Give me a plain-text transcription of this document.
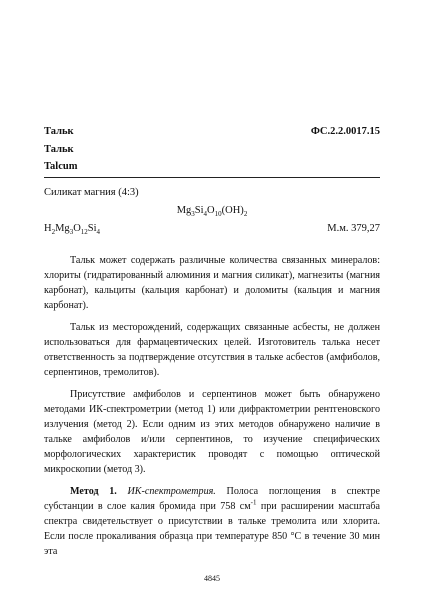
Тальк	ФС.2.2.0017.15
Тальк
Talcum
Силикат магния (4:3)
$Mg_3Si_4O_{10}(OH)_2$
$H_2Mg_3O_{12}Si_4$	М.м. 379,27

Тальк может содержать различные количества связанных минералов: хлориты (гидратированный алюминия и магния силикат), магнезиты (магния карбонат), кальциты (кальция карбонат) и доломиты (кальция и магния карбонат).

Тальк из месторождений, содержащих связанные асбесты, не должен использоваться для фармацевтических целей. Изготовитель талька несет ответственность за подтверждение отсутствия в тальке асбестов (амфиболов, серпентинов, тремолитов).

Присутствие амфиболов и серпентинов может быть обнаружено методами ИК-спектрометрии (метод 1) или дифрактометрии рентгеновского излучения (метод 2). Если одним из этих методов обнаружено наличие в тальке амфиболов и/или серпентинов, то изучение специфических морфологических характеристик проводят с помощью оптической микроскопии (метод 3).

Метод 1. ИК-спектрометрия. Полоса поглощения в спектре субстанции в слое калия бромида при 758 $см^{-1}$ при расширении масштаба спектра свидетельствует о присутствии в тальке тремолита или хлорита. Если после прокаливания образца при температуре 850 °С в течение 30 мин эта

4845
